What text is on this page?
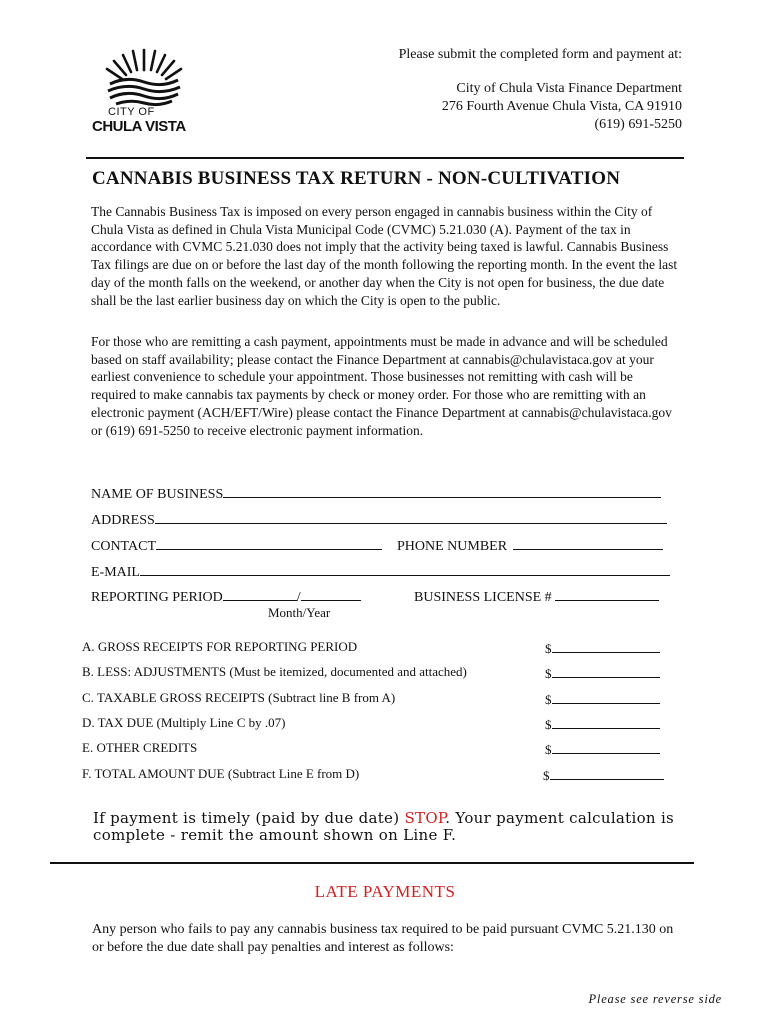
CITY OF
CHULA VISTA
Please submit the completed form and payment at:
City of Chula Vista Finance Department
276 Fourth Avenue Chula Vista, CA 91910
(619) 691-5250
CANNABIS BUSINESS TAX RETURN - NON-CULTIVATION
The Cannabis Business Tax is imposed on every person engaged in cannabis business within the City of Chula Vista as defined in Chula Vista Municipal Code (CVMC) 5.21.030 (A). Payment of the tax in accordance with CVMC 5.21.030 does not imply that the activity being taxed is lawful. Cannabis Business Tax filings are due on or before the last day of the month following the reporting month. In the event the last day of the month falls on the weekend, or another day when the City is not open for business, the due date shall be the last earlier business day on which the City is open to the public.
For those who are remitting a cash payment, appointments must be made in advance and will be scheduled based on staff availability; please contact the Finance Department at cannabis@chulavistaca.gov at your earliest convenience to schedule your appointment. Those businesses not remitting with cash will be required to make cannabis tax payments by check or money order. For those who are remitting with an electronic payment (ACH/EFT/Wire) please contact the Finance Department at cannabis@chulavistaca.gov or (619) 691-5250 to receive electronic payment information.
NAME OF BUSINESS
ADDRESS
CONTACT	PHONE NUMBER
E-MAIL
REPORTING PERIOD	/
Month/Year
BUSINESS LICENSE #
A. GROSS RECEIPTS FOR REPORTING PERIOD	$
B. LESS: ADJUSTMENTS (Must be itemized, documented and attached)	$
C. TAXABLE GROSS RECEIPTS (Subtract line B from A)	$
D. TAX DUE (Multiply Line C by .07)	$
E. OTHER CREDITS	$
F. TOTAL AMOUNT DUE (Subtract Line E from D)	$
If payment is timely (paid by due date) STOP. Your payment calculation is
complete - remit the amount shown on Line F.
LATE PAYMENTS
Any person who fails to pay any cannabis business tax required to be paid pursuant CVMC 5.21.130 on or before the due date shall pay penalties and interest as follows:
Please see reverse side
